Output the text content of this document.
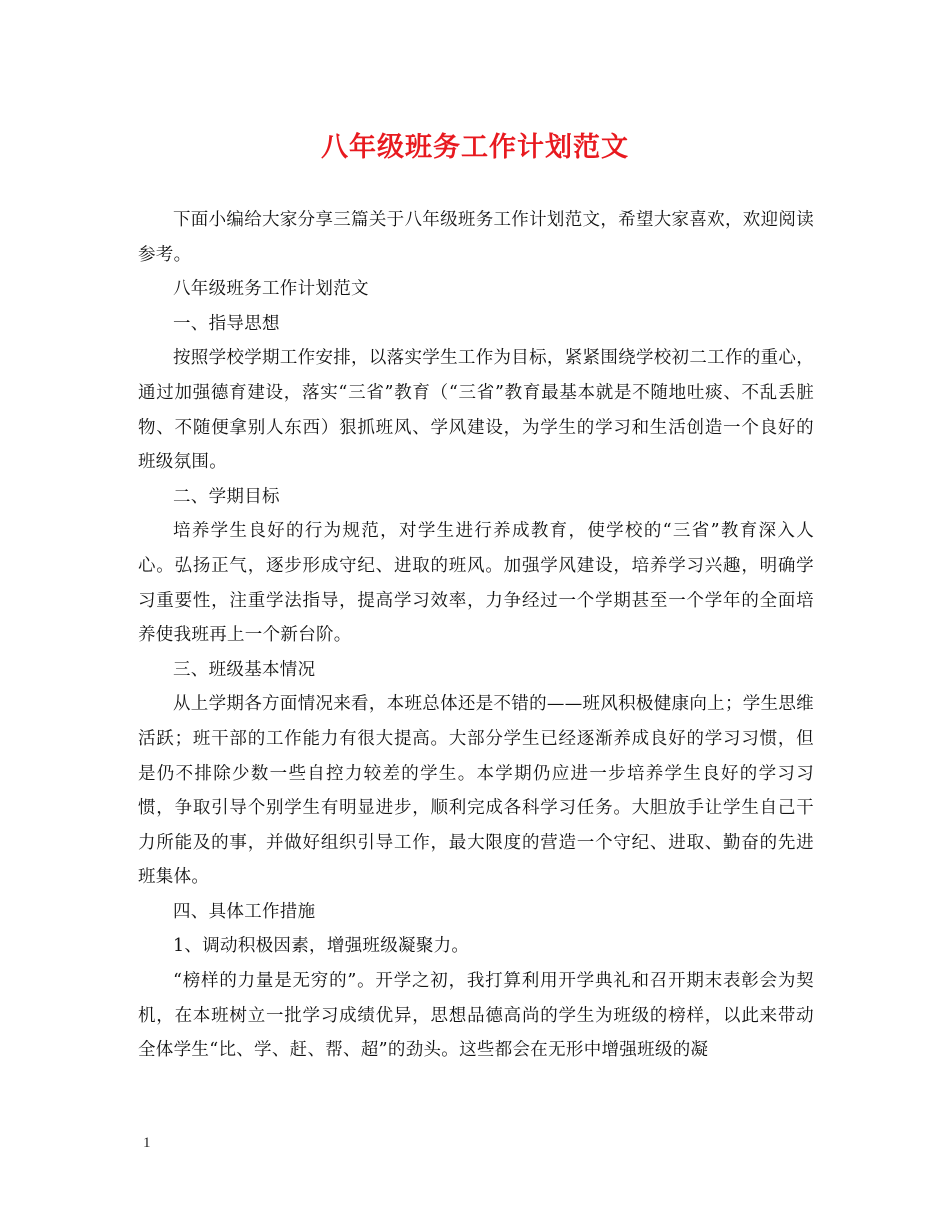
八年级班务工作计划范文

下面小编给大家分享三篇关于八年级班务工作计划范文，希望大家喜欢，欢迎阅读参考。

八年级班务工作计划范文

一、指导思想

按照学校学期工作安排，以落实学生工作为目标，紧紧围绕学校初二工作的重心，通过加强德育建设，落实“三省”教育（“三省”教育最基本就是不随地吐痰、不乱丢脏物、不随便拿别人东西）狠抓班风、学风建设，为学生的学习和生活创造一个良好的班级氛围。

二、学期目标

培养学生良好的行为规范，对学生进行养成教育，使学校的“三省”教育深入人心。弘扬正气，逐步形成守纪、进取的班风。加强学风建设，培养学习兴趣，明确学习重要性，注重学法指导，提高学习效率，力争经过一个学期甚至一个学年的全面培养使我班再上一个新台阶。

三、班级基本情况

从上学期各方面情况来看，本班总体还是不错的——班风积极健康向上；学生思维活跃；班干部的工作能力有很大提高。大部分学生已经逐渐养成良好的学习习惯，但是仍不排除少数一些自控力较差的学生。本学期仍应进一步培养学生良好的学习习惯，争取引导个别学生有明显进步，顺利完成各科学习任务。大胆放手让学生自己干力所能及的事，并做好组织引导工作，最大限度的营造一个守纪、进取、勤奋的先进班集体。

四、具体工作措施

1、调动积极因素，增强班级凝聚力。

“榜样的力量是无穷的”。开学之初，我打算利用开学典礼和召开期末表彰会为契机，在本班树立一批学习成绩优异，思想品德高尚的学生为班级的榜样，以此来带动全体学生“比、学、赶、帮、超”的劲头。这些都会在无形中增强班级的凝

1
